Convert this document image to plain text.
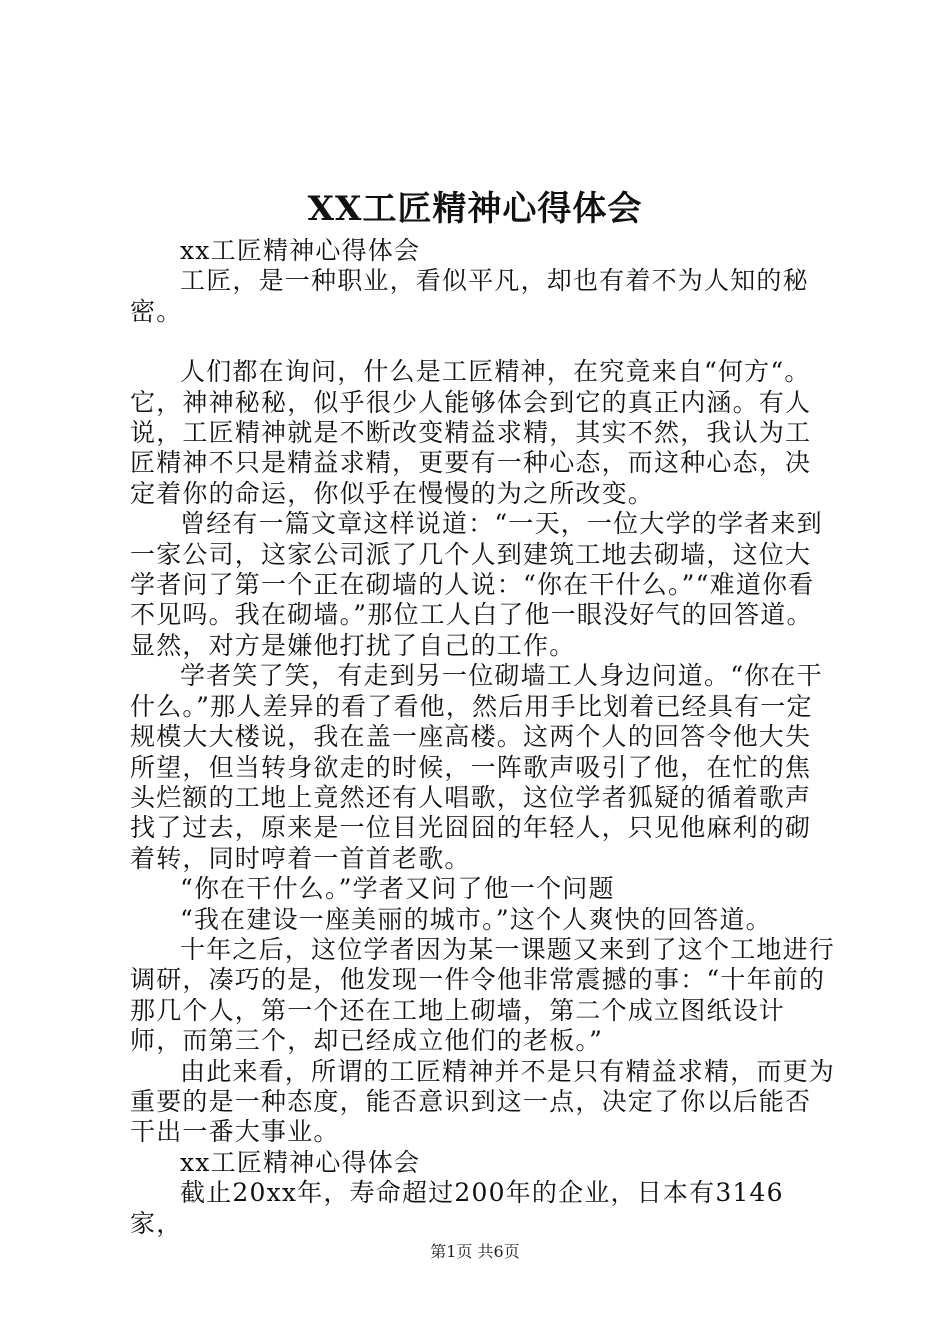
XX工匠精神心得体会

xx工匠精神心得体会

工匠，是一种职业，看似平凡，却也有着不为人知的秘密。

人们都在询问，什么是工匠精神，在究竟来自“何方“。它，神神秘秘，似乎很少人能够体会到它的真正内涵。有人说，工匠精神就是不断改变精益求精，其实不然，我认为工匠精神不只是精益求精，更要有一种心态，而这种心态，决定着你的命运，你似乎在慢慢的为之所改变。

曾经有一篇文章这样说道：“一天，一位大学的学者来到一家公司，这家公司派了几个人到建筑工地去砌墙，这位大学者问了第一个正在砌墙的人说：“你在干什么。”“难道你看不见吗。我在砌墙。”那位工人白了他一眼没好气的回答道。显然，对方是嫌他打扰了自己的工作。

学者笑了笑，有走到另一位砌墙工人身边问道。“你在干什么。”那人差异的看了看他，然后用手比划着已经具有一定规模大大楼说，我在盖一座高楼。这两个人的回答令他大失所望，但当转身欲走的时候，一阵歌声吸引了他，在忙的焦头烂额的工地上竟然还有人唱歌，这位学者狐疑的循着歌声找了过去，原来是一位目光囧囧的年轻人，只见他麻利的砌着转，同时哼着一首首老歌。

“你在干什么。”学者又问了他一个问题

“我在建设一座美丽的城市。”这个人爽快的回答道。

十年之后，这位学者因为某一课题又来到了这个工地进行调研，凑巧的是，他发现一件令他非常震撼的事：“十年前的那几个人，第一个还在工地上砌墙，第二个成立图纸设计师，而第三个，却已经成立他们的老板。”

由此来看，所谓的工匠精神并不是只有精益求精，而更为重要的是一种态度，能否意识到这一点，决定了你以后能否干出一番大事业。

xx工匠精神心得体会

截止20xx年，寿命超过200年的企业，日本有3146家，

第1页 共6页
